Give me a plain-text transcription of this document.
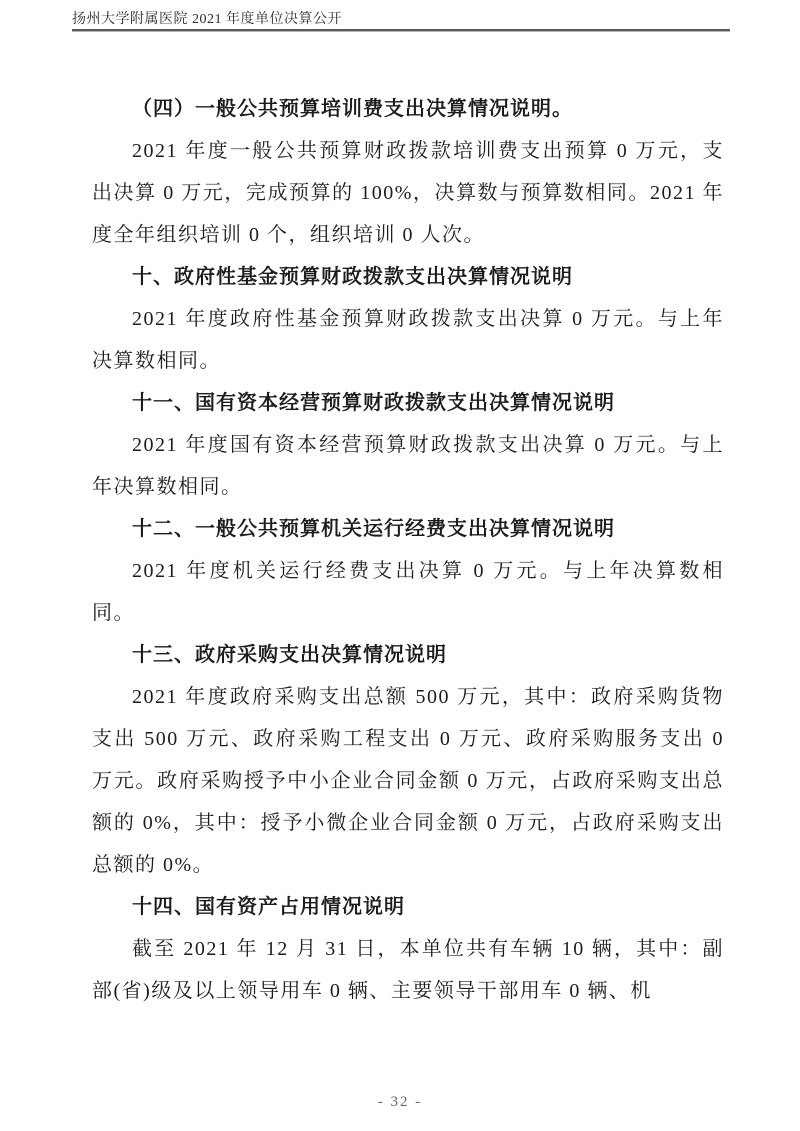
扬州大学附属医院 2021 年度单位决算公开
（四）一般公共预算培训费支出决算情况说明。

2021 年度一般公共预算财政拨款培训费支出预算 0 万元，支出决算 0 万元，完成预算的 100%，决算数与预算数相同。2021 年度全年组织培训 0 个，组织培训 0 人次。

十、政府性基金预算财政拨款支出决算情况说明

2021 年度政府性基金预算财政拨款支出决算 0 万元。与上年决算数相同。

十一、国有资本经营预算财政拨款支出决算情况说明

2021 年度国有资本经营预算财政拨款支出决算 0 万元。与上年决算数相同。

十二、一般公共预算机关运行经费支出决算情况说明

2021 年度机关运行经费支出决算 0 万元。与上年决算数相同。

十三、政府采购支出决算情况说明

2021 年度政府采购支出总额 500 万元，其中：政府采购货物支出 500 万元、政府采购工程支出 0 万元、政府采购服务支出 0 万元。政府采购授予中小企业合同金额 0 万元，占政府采购支出总额的 0%，其中：授予小微企业合同金额 0 万元，占政府采购支出总额的 0%。

十四、国有资产占用情况说明

截至 2021 年 12 月 31 日，本单位共有车辆 10 辆，其中：副部(省)级及以上领导用车 0 辆、主要领导干部用车 0 辆、机

- 32 -
